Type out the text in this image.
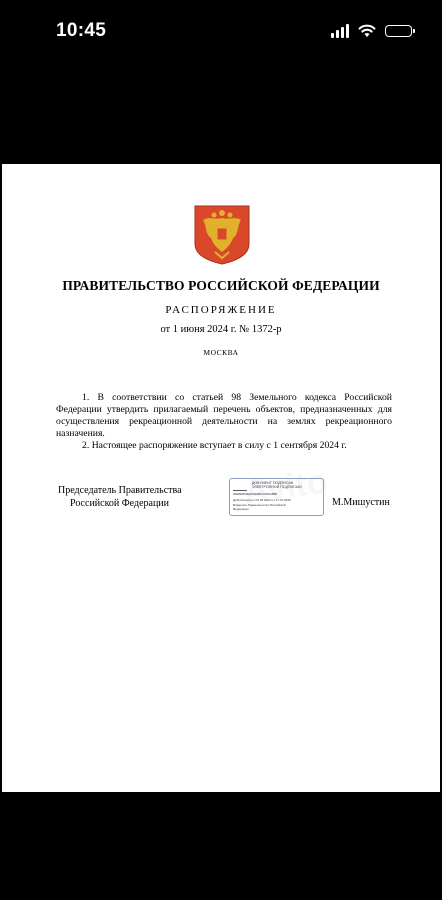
10:45
ПРАВИТЕЛЬСТВО РОССИЙСКОЙ ФЕДЕРАЦИИ
РАСПОРЯЖЕНИЕ
от 1 июня 2024 г. № 1372-р
МОСКВА

1. В соответствии со статьей 98 Земельного кодекса Российской Федерации утвердить прилагаемый перечень объектов, предназначенных для осуществления рекреационной деятельности на землях рекреационного назначения.

2. Настоящее распоряжение вступает в силу с 1 сентября 2024 г.

Председатель Правительства
Российской Федерации
ДОКУМЕНТ ПОДПИСАН
ЭЛЕКТРОННОЙ ПОДПИСЬЮ
00E8E8D9E6F8A9B2C0D9A8B8
Действителен с 03.05.2024 по 27.07.2025
Владелец Правительство Российской
Федерации
М.Мишустин
